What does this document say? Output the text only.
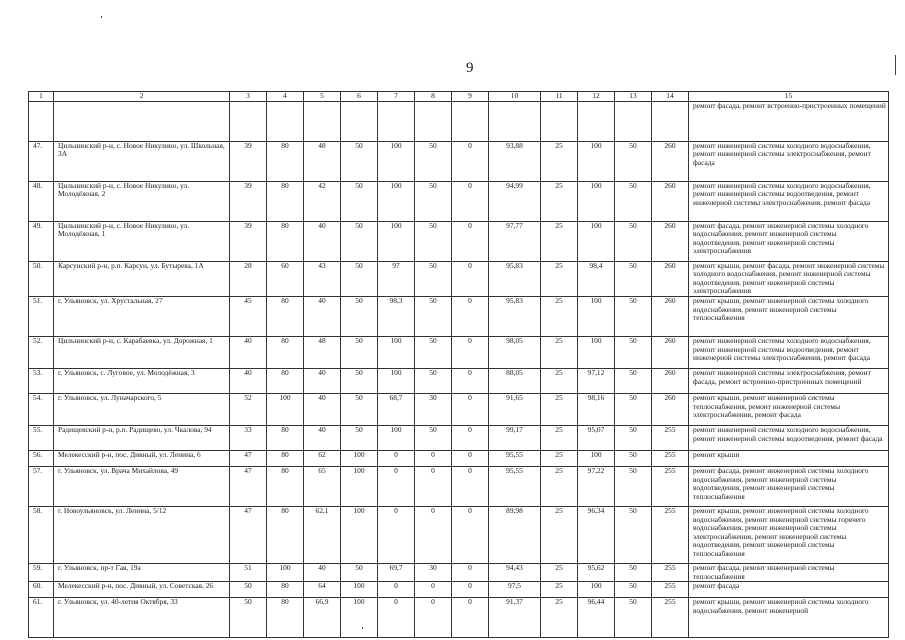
9
1	2	3	4	5	6	7	8	9	10	11	12	13	14	15
														ремонт фасада, ремонт встроенно-пристроенных помещений
47.	Цильнинский р-н, с. Новое Никулино, ул. Школьная, 3А	39	80	48	50	100	50	0	93,88	25	100	50	260	ремонт инженерной системы холодного водоснабжения, ремонт инженерной системы электроснабжения, ремонт фасада
48.	Цильнинский р-н, с. Новое Никулино, ул. Молодёжная, 2	39	80	42	50	100	50	0	94,99	25	100	50	260	ремонт инженерной системы холодного водоснабжения, ремонт инженерной системы водоотведения, ремонт инженерной системы электроснабжения, ремонт фасада
49.	Цильнинский р-н, с. Новое Никулино, ул. Молодёжная, 1	39	80	40	50	100	50	0	97,77	25	100	50	260	ремонт фасада, ремонт инженерной системы холодного водоснабжения, ремонт инженерной системы водоотведения, ремонт инженерной системы электроснабжения
50.	Карсунский р-н, р.п. Карсун, ул. Бутырева, 1А	28	60	43	50	97	50	0	95,83	25	98,4	50	260	ремонт крыши, ремонт фасада, ремонт инженерной системы холодного водоснабжения, ремонт инженерной системы водоотведения, ремонт инженерной системы электроснабжения
51.	г. Ульяновск, ул. Хрустальная, 27	45	80	40	50	98,3	50	0	95,83	25	100	50	260	ремонт крыши, ремонт инженерной системы холодного водоснабжения, ремонт инженерной системы теплоснабжения
52.	Цильнинский р-н, с. Карабаевка, ул. Дорожная, 1	40	80	48	50	100	50	0	98,05	25	100	50	260	ремонт инженерной системы холодного водоснабжения, ремонт инженерной системы водоотведения, ремонт инженерной системы электроснабжения, ремонт фасада
53.	г. Ульяновск, с. Луговое, ул. Молодёжная, 3	40	80	40	50	100	50	0	88,05	25	97,12	50	260	ремонт инженерной системы электроснабжения, ремонт фасада, ремонт встроенно-пристроенных помещений
54.	г. Ульяновск, ул. Луначарского, 5	52	100	40	50	68,7	30	0	91,65	25	98,16	50	260	ремонт крыши, ремонт инженерной системы теплоснабжения, ремонт инженерной системы электроснабжения, ремонт фасада
55.	Радищевский р-н, р.п. Радищево, ул. Чкалова, 94	33	80	40	50	100	50	0	99,17	25	95,07	50	255	ремонт инженерной системы холодного водоснабжения, ремонт инженерной системы водоотведения, ремонт фасада
56.	Мелекесский р-н, пос. Дивный, ул. Ленина, 6	47	80	62	100	0	0	0	95,55	25	100	50	255	ремонт крыши
57.	г. Ульяновск, ул. Врача Михайлова, 49	47	80	65	100	0	0	0	95,55	25	97,22	50	255	ремонт фасада, ремонт инженерной системы холодного водоснабжения, ремонт инженерной системы водоотведения, ремонт инженерной системы теплоснабжения
58.	г. Новоульяновск, ул. Ленина, 5/12	47	80	62,1	100	0	0	0	89,98	25	96,34	50	255	ремонт крыши, ремонт инженерной системы холодного водоснабжения, ремонт инженерной системы горячего водоснабжения, ремонт инженерной системы электроснабжения, ремонт инженерной системы водоотведения, ремонт инженерной системы теплоснабжения
59.	г. Ульяновск, пр-т Гая, 19а	51	100	40	50	69,7	30	0	94,43	25	95,62	50	255	ремонт фасада, ремонт инженерной системы теплоснабжения
60.	Мелекесский р-н, пос. Дивный, ул. Советская, 26	50	80	64	100	0	0	0	97,5	25	100	50	255	ремонт фасада
61.	г. Ульяновск, ул. 40-летия Октября, 33	50	80	66,9	100	0	0	0	91,37	25	96,44	50	255	ремонт крыши, ремонт инженерной системы холодного водоснабжения, ремонт инженерной
